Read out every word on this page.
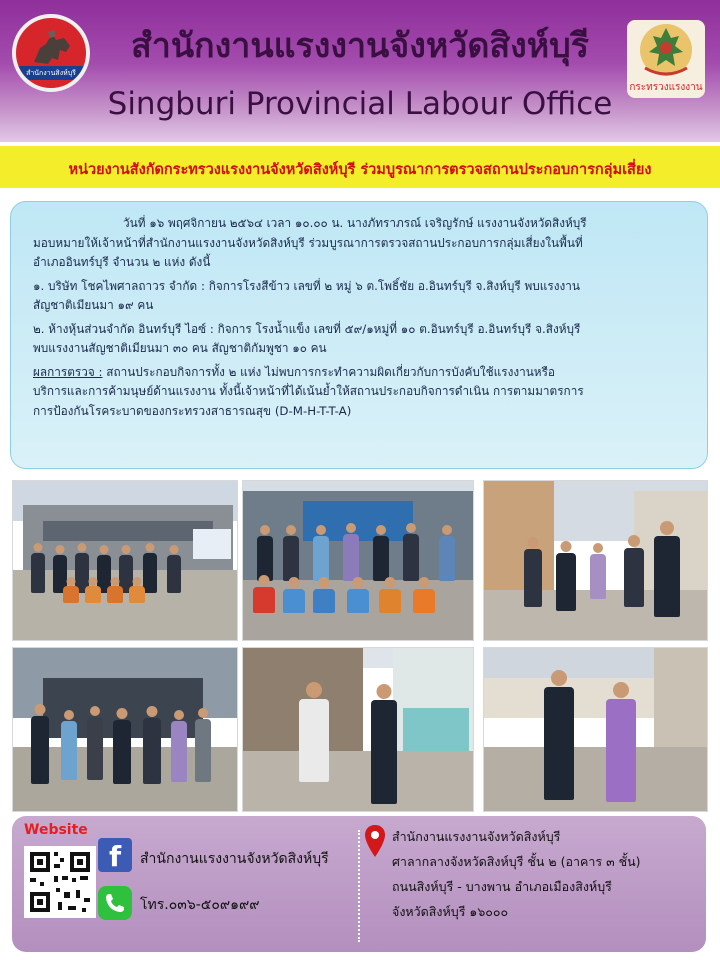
สำนักงานสิงห์บุรี
สำนักงานแรงงานจังหวัดสิงห์บุรี
Singburi Provincial Labour Office	กระทรวงแรงงาน
หน่วยงานสังกัดกระทรวงแรงงานจังหวัดสิงห์บุรี ร่วมบูรณาการตรวจสถานประกอบการกลุ่มเสี่ยง

วันที่ ๑๖ พฤศจิกายน ๒๕๖๔ เวลา ๑๐.๐๐ น. นางภัทราภรณ์ เจริญรักษ์ แรงงานจังหวัดสิงห์บุรี
มอบหมายให้เจ้าหน้าที่สำนักงานแรงงานจังหวัดสิงห์บุรี ร่วมบูรณาการตรวจสถานประกอบการกลุ่มเสี่ยงในพื้นที่
อำเภออินทร์บุรี จำนวน ๒ แห่ง ดังนี้

๑. บริษัท โชคไพศาลถาวร จำกัด : กิจการโรงสีข้าว เลขที่ ๒ หมู่ ๖ ต.โพธิ์ชัย อ.อินทร์บุรี จ.สิงห์บุรี พบแรงงาน
สัญชาติเมียนมา ๑๙ คน

๒. ห้างหุ้นส่วนจำกัด อินทร์บุรี ไอซ์ : กิจการ โรงน้ำแข็ง เลขที่ ๕๙/๑หมู่ที่ ๑๐ ต.อินทร์บุรี อ.อินทร์บุรี จ.สิงห์บุรี
พบแรงงานสัญชาติเมียนมา ๓๐ คน สัญชาติกัมพูชา ๑๐ คน

ผลการตรวจ : สถานประกอบกิจการทั้ง ๒ แห่ง ไม่พบการกระทำความผิดเกี่ยวกับการบังคับใช้แรงงานหรือ
บริการและการค้ามนุษย์ด้านแรงงาน ทั้งนี้เจ้าหน้าที่ได้เน้นย้ำให้สถานประกอบกิจการดำเนิน การตามมาตรการ
การป้องกันโรคระบาดของกระทรวงสาธารณสุข (D-M-H-T-T-A)

Website
f สำนักงานแรงงานจังหวัดสิงห์บุรี
โทร.๐๓๖-๕๐๙๑๙๙
สำนักงานแรงงานจังหวัดสิงห์บุรี
ศาลากลางจังหวัดสิงห์บุรี ชั้น ๒ (อาคาร ๓ ชั้น)
ถนนสิงห์บุรี - บางพาน อำเภอเมืองสิงห์บุรี
จังหวัดสิงห์บุรี ๑๖๐๐๐
